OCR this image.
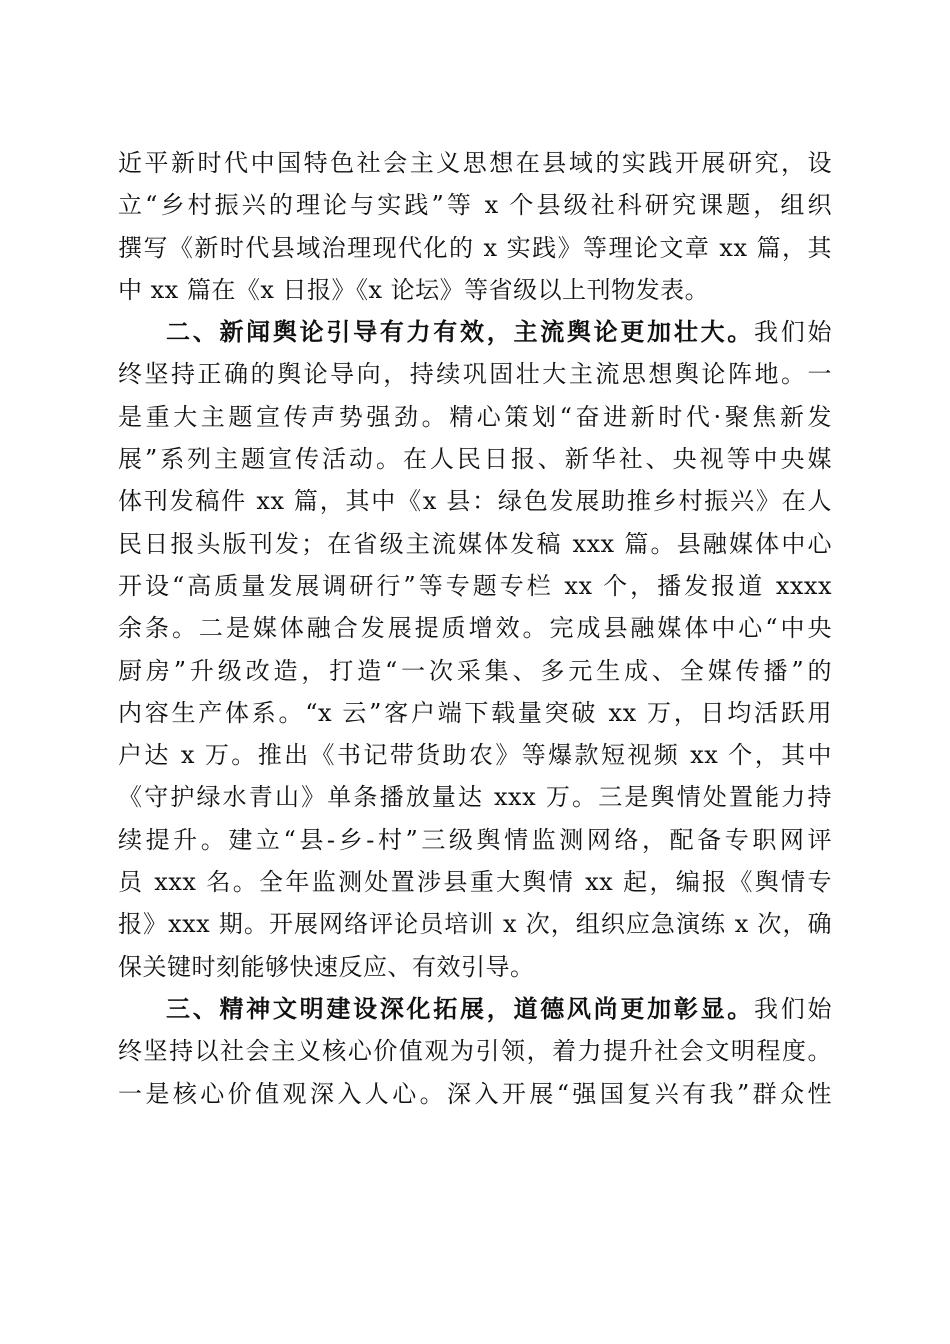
近平新时代中国特色社会主义思想在县域的实践开展研究，设
立“乡村振兴的理论与实践”等 x 个县级社科研究课题，组织
撰写《新时代县域治理现代化的 x 实践》等理论文章 xx 篇，其
中 xx 篇在《x 日报》《x 论坛》等省级以上刊物发表。
二、新闻舆论引导有力有效，主流舆论更加壮大。我们始
终坚持正确的舆论导向，持续巩固壮大主流思想舆论阵地。一
是重大主题宣传声势强劲。精心策划“奋进新时代·聚焦新发
展”系列主题宣传活动。在人民日报、新华社、央视等中央媒
体刊发稿件 xx 篇，其中《x 县：绿色发展助推乡村振兴》在人
民日报头版刊发；在省级主流媒体发稿 xxx 篇。县融媒体中心
开设“高质量发展调研行”等专题专栏 xx 个，播发报道 xxxx
余条。二是媒体融合发展提质增效。完成县融媒体中心“中央
厨房”升级改造，打造“一次采集、多元生成、全媒传播”的
内容生产体系。“x 云”客户端下载量突破 xx 万，日均活跃用
户达 x 万。推出《书记带货助农》等爆款短视频 xx 个，其中
《守护绿水青山》单条播放量达 xxx 万。三是舆情处置能力持
续提升。建立“县-乡-村”三级舆情监测网络，配备专职网评
员 xxx 名。全年监测处置涉县重大舆情 xx 起，编报《舆情专
报》xxx 期。开展网络评论员培训 x 次，组织应急演练 x 次，确
保关键时刻能够快速反应、有效引导。
三、精神文明建设深化拓展，道德风尚更加彰显。我们始
终坚持以社会主义核心价值观为引领，着力提升社会文明程度。
一是核心价值观深入人心。深入开展“强国复兴有我”群众性
